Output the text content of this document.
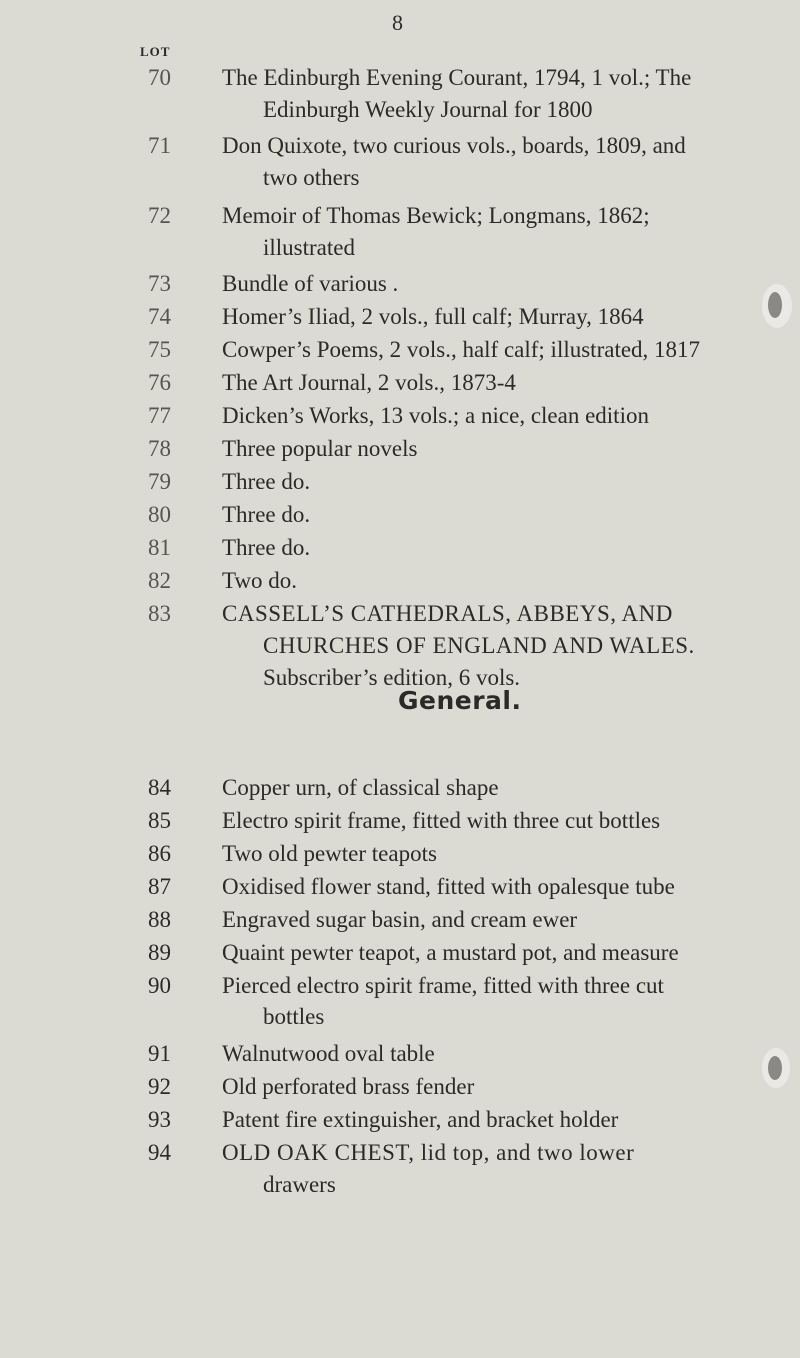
8
LOT
70	The Edinburgh Evening Courant, 1794, 1 vol.; The
Edinburgh Weekly Journal for 1800
71	Don Quixote, two curious vols., boards, 1809, and
two others
72	Memoir of Thomas Bewick; Longmans, 1862;
illustrated
73	Bundle of various .
74	Homer’s Iliad, 2 vols., full calf; Murray, 1864
75	Cowper’s Poems, 2 vols., half calf; illustrated, 1817
76	The Art Journal, 2 vols., 1873-4
77	Dicken’s Works, 13 vols.; a nice, clean edition
78	Three popular novels
79	Three do.
80	Three do.
81	Three do.
82	Two do.
83	CASSELL’S CATHEDRALS, ABBEYS, AND
CHURCHES OF ENGLAND AND WALES.
Subscriber’s edition, 6 vols.
General.
84	Copper urn, of classical shape
85	Electro spirit frame, fitted with three cut bottles
86	Two old pewter teapots
87	Oxidised flower stand, fitted with opalesque tube
88	Engraved sugar basin, and cream ewer
89	Quaint pewter teapot, a mustard pot, and measure
90	Pierced electro spirit frame, fitted with three cut
bottles
91	Walnutwood oval table
92	Old perforated brass fender
93	Patent fire extinguisher, and bracket holder
94	OLD OAK CHEST, lid top, and two lower
drawers
